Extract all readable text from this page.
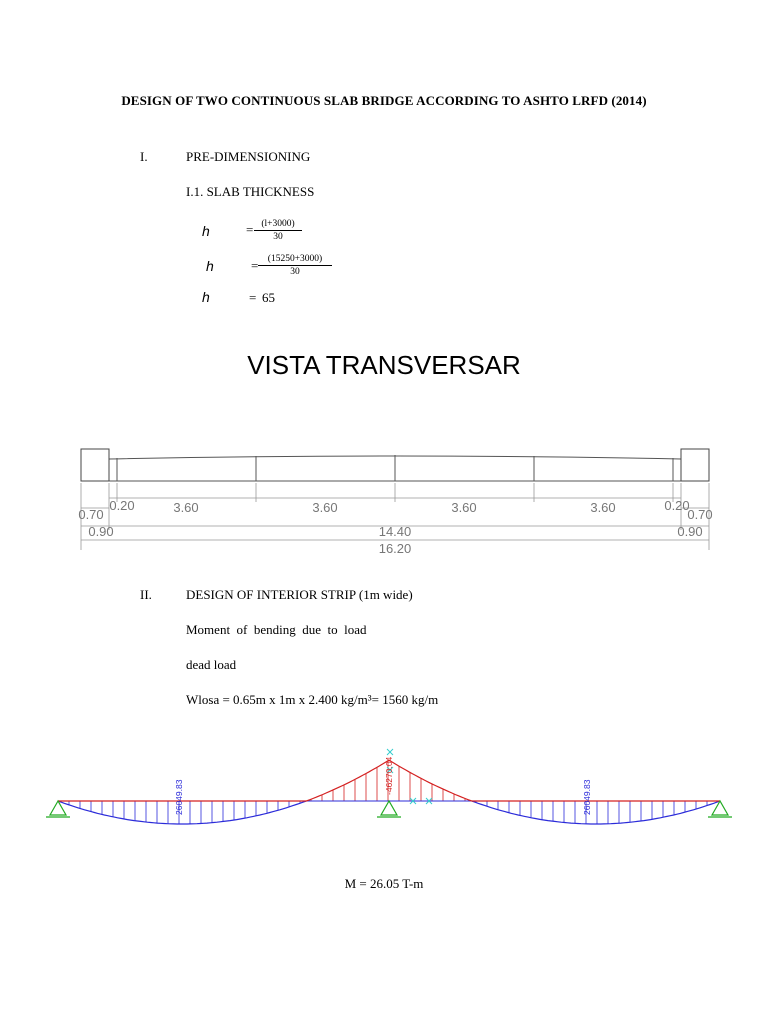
DESIGN OF TWO CONTINUOUS SLAB BRIDGE ACCORDING TO ASHTO LRFD (2014)
I.	PRE-DIMENSIONING
I.1. SLAB THICKNESS
h	= $\frac{(l+3000)}{30}$
h	= $\frac{(15250+3000)}{30}$
h	= 65
VISTA TRANSVERSAR
0.20	3.60	3.60	3.60	3.60	0.20
0.70	0.70
0.90	14.40	0.90
16.20
II.	DESIGN OF INTERIOR STRIP (1m wide)
Moment  of  bending  due  to  load
dead load
Wlosa = 0.65m x 1m x 2.400 kg/m³= 1560 kg/m
26049.83
-46270.04
26049.83
M = 26.05 T-m
